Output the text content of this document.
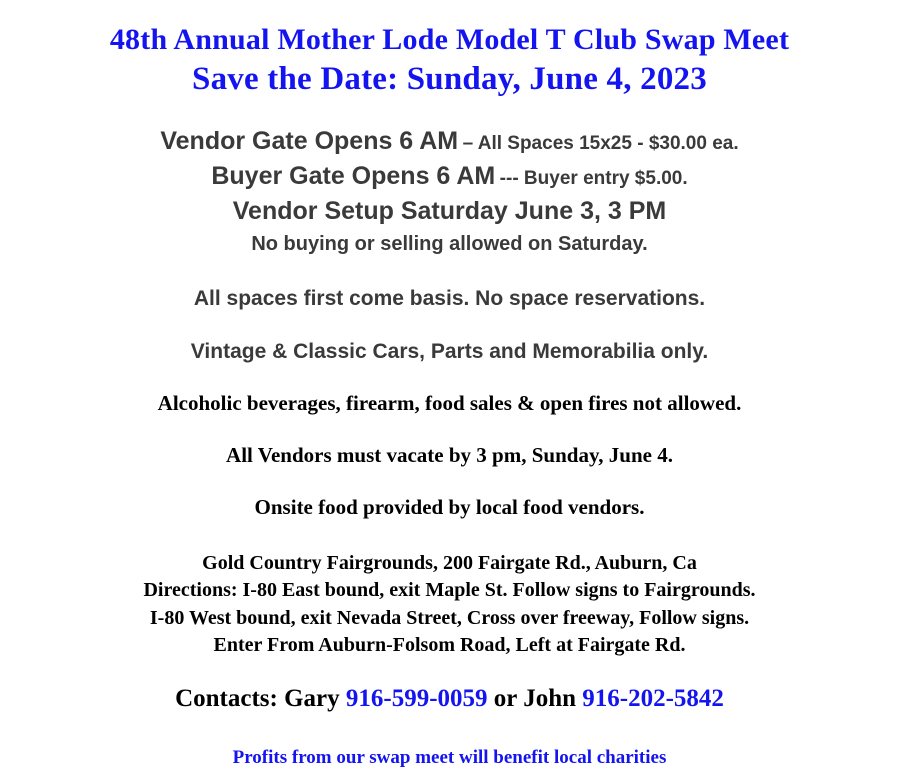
48th Annual Mother Lode Model T Club Swap Meet
Save the Date: Sunday, June 4, 2023
Vendor Gate Opens 6 AM – All Spaces 15x25 - $30.00 ea.
Buyer Gate Opens 6 AM --- Buyer entry $5.00.
Vendor Setup Saturday June 3, 3 PM
No buying or selling allowed on Saturday.
All spaces first come basis. No space reservations.
Vintage & Classic Cars, Parts and Memorabilia only.
Alcoholic beverages, firearm, food sales & open fires not allowed.
All Vendors must vacate by 3 pm, Sunday, June 4.
Onsite food provided by local food vendors.
Gold Country Fairgrounds, 200 Fairgate Rd., Auburn, Ca
Directions: I-80 East bound, exit Maple St. Follow signs to Fairgrounds.
I-80 West bound, exit Nevada Street, Cross over freeway, Follow signs.
Enter From Auburn-Folsom Road, Left at Fairgate Rd.
Contacts: Gary 916-599-0059 or John 916-202-5842
Profits from our swap meet will benefit local charities
